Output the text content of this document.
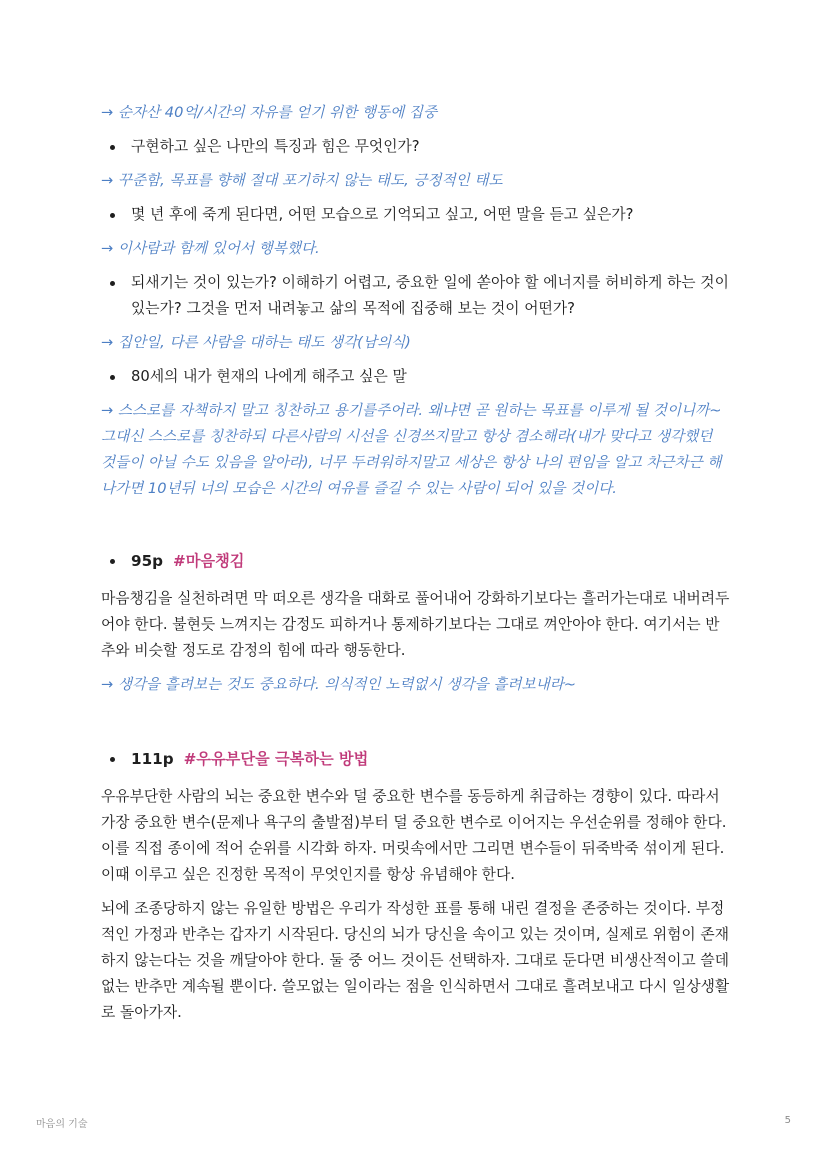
→ 순자산 40억/시간의 자유를 얻기 위한 행동에 집중

구현하고 싶은 나만의 특징과 힘은 무엇인가?

→ 꾸준함, 목표를 향해 절대 포기하지 않는 태도, 긍정적인 태도

몇 년 후에 죽게 된다면, 어떤 모습으로 기억되고 싶고, 어떤 말을 듣고 싶은가?

→ 이사람과 함께 있어서 행복했다.

되새기는 것이 있는가? 이해하기 어렵고, 중요한 일에 쏟아야 할 에너지를 허비하게 하는 것이 있는가? 그것을 먼저 내려놓고 삶의 목적에 집중해 보는 것이 어떤가?

→ 집안일, 다른 사람을 대하는 태도 생각(남의식)

80세의 내가 현재의 나에게 해주고 싶은 말

→ 스스로를 자책하지 말고 칭찬하고 용기를주어라. 왜냐면 곧 원하는 목표를 이루게 될 것이니까~ 그대신 스스로를 칭찬하되 다른사람의 시선을 신경쓰지말고 항상 겸소해라(내가 맞다고 생각했던 것들이 아닐 수도 있음을 알아라), 너무 두려워하지말고 세상은 항상 나의 편임을 알고 차근차근 해나가면 10년뒤 너의 모습은 시간의 여유를 즐길 수 있는 사람이 되어 있을 것이다.

95p #마음챙김

마음챙김을 실천하려면 막 떠오른 생각을 대화로 풀어내어 강화하기보다는 흘러가는대로 내버려두어야 한다. 불현듯 느껴지는 감정도 피하거나 통제하기보다는 그대로 껴안아야 한다. 여기서는 반추와 비슷할 정도로 감정의 힘에 따라 행동한다.

→ 생각을 흘려보는 것도 중요하다. 의식적인 노력없시 생각을 흘려보내라~

111p #우유부단을 극복하는 방법

우유부단한 사람의 뇌는 중요한 변수와 덜 중요한 변수를 동등하게 취급하는 경향이 있다. 따라서 가장 중요한 변수(문제나 욕구의 출발점)부터 덜 중요한 변수로 이어지는 우선순위를 정해야 한다. 이를 직접 종이에 적어 순위를 시각화 하자. 머릿속에서만 그리면 변수들이 뒤죽박죽 섞이게 된다. 이때 이루고 싶은 진정한 목적이 무엇인지를 항상 유념해야 한다.

뇌에 조종당하지 않는 유일한 방법은 우리가 작성한 표를 통해 내린 결정을 존중하는 것이다. 부정적인 가정과 반추는 갑자기 시작된다. 당신의 뇌가 당신을 속이고 있는 것이며, 실제로 위험이 존재하지 않는다는 것을 깨달아야 한다. 둘 중 어느 것이든 선택하자. 그대로 둔다면 비생산적이고 쓸데없는 반추만 계속될 뿐이다. 쓸모없는 일이라는 점을 인식하면서 그대로 흘려보내고 다시 일상생활로 돌아가자.

마음의 기술	5
